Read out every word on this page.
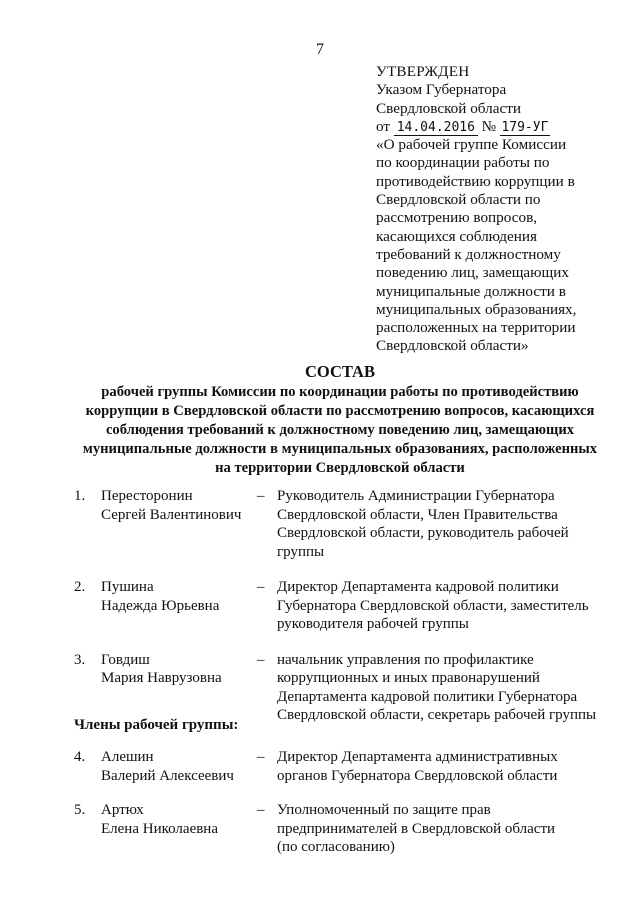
7
УТВЕРЖДЕН
Указом Губернатора
Свердловской области
от 14.04.2016 № 179-УГ
«О рабочей группе Комиссии
по координации работы по
противодействию коррупции в
Свердловской области по
рассмотрению вопросов,
касающихся соблюдения
требований к должностному
поведению лиц, замещающих
муниципальные должности в
муниципальных образованиях,
расположенных на территории
Свердловской области»
СОСТАВ
рабочей группы Комиссии по координации работы по противодействию
коррупции в Свердловской области по рассмотрению вопросов, касающихся
соблюдения требований к должностному поведению лиц, замещающих
муниципальные должности в муниципальных образованиях, расположенных
на территории Свердловской области
1.	Пересторонин
Сергей Валентинович
– Руководитель Администрации Губернатора
Свердловской области, Член Правительства
Свердловской области, руководитель рабочей
группы
2.	Пушина
Надежда Юрьевна
– Директор Департамента кадровой политики
Губернатора Свердловской области, заместитель
руководителя рабочей группы
3.	Говдиш
Мария Наврузовна
– начальник управления по профилактике
коррупционных и иных правонарушений
Департамента кадровой политики Губернатора
Свердловской области, секретарь рабочей группы
Члены рабочей группы:
4.	Алешин
Валерий Алексеевич
– Директор Департамента административных
органов Губернатора Свердловской области
5.	Артюх
Елена Николаевна
– Уполномоченный по защите прав
предпринимателей в Свердловской области
(по согласованию)
